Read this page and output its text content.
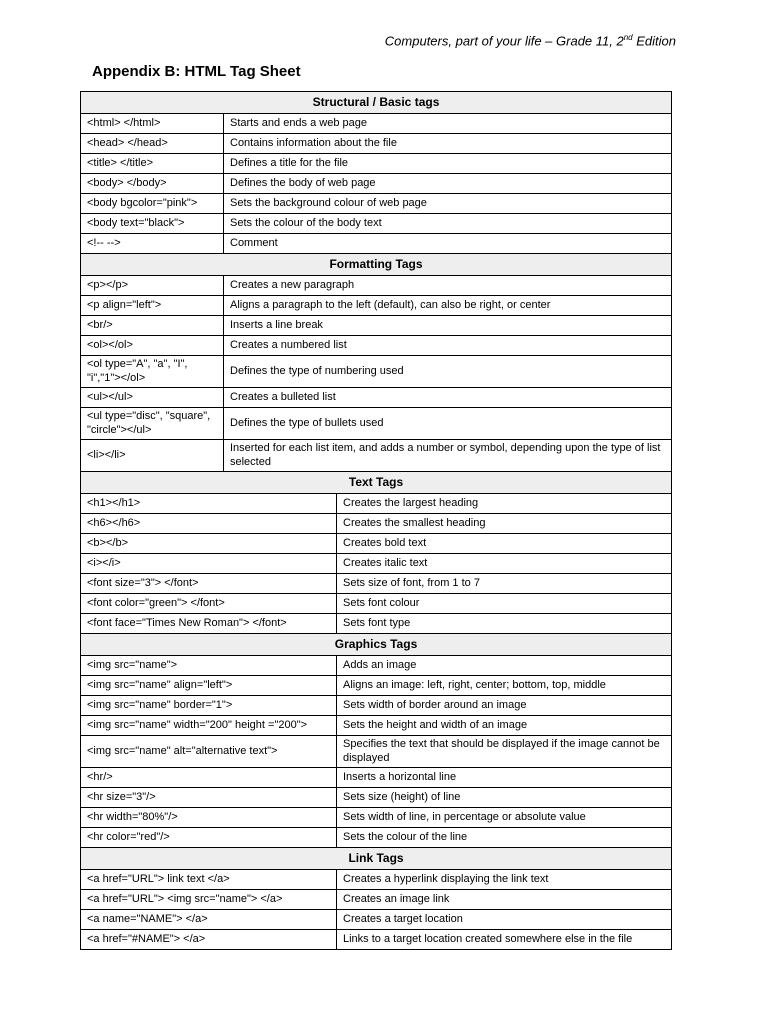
Computers, part of your life – Grade 11, 2nd Edition
Appendix B: HTML Tag Sheet
Structural / Basic tags		
<html> </html>	Starts and ends a web page	
<head> </head>	Contains information about the file	
<title> </title>	Defines a title for the file	
<body> </body>	Defines the body of web page	
<body bgcolor="pink">	Sets the background colour of web page	
<body text="black">	Sets the colour of the body text	
<!-- -->	Comment	
Formatting Tags		
<p></p>	Creates a new paragraph	
<p align="left">	Aligns a paragraph to the left (default), can also be right, or center	
<br/>	Inserts a line break	
<ol></ol>	Creates a numbered list	
<ol type="A", "a", "I", "i","1"></ol>	Defines the type of numbering used	
<ul></ul>	Creates a bulleted list	
<ul type="disc", "square", "circle"></ul>	Defines the type of bullets used	
<li></li>	Inserted for each list item, and adds a number or symbol, depending upon the type of list selected	
Text Tags		
<h1></h1>		Creates the largest heading
<h6></h6>		Creates the smallest heading
<b></b>		Creates bold text
<i></i>		Creates italic text
<font size="3"> </font>		Sets size of font, from 1 to 7
<font color="green"> </font>		Sets font colour
<font face="Times New Roman"> </font>		Sets font type
Graphics Tags		
<img src="name">		Adds an image
<img src="name" align="left">		Aligns an image: left, right, center; bottom, top, middle
<img src="name" border="1">		Sets width of border around an image
<img src="name" width="200" height ="200">		Sets the height and width of an image
<img src="name" alt="alternative text">		Specifies the text that should be displayed if the image cannot be displayed
<hr/>		Inserts a horizontal line
<hr size="3"/>		Sets size (height) of line
<hr width="80%"/>		Sets width of line, in percentage or absolute value
<hr color="red"/>		Sets the colour of the line
Link Tags		
<a href="URL"> link text </a>		Creates a hyperlink displaying the link text
<a href="URL"> <img src="name"> </a>		Creates an image link
<a name="NAME"> </a>		Creates a target location
<a href="#NAME"> </a>		Links to a target location created somewhere else in the file
